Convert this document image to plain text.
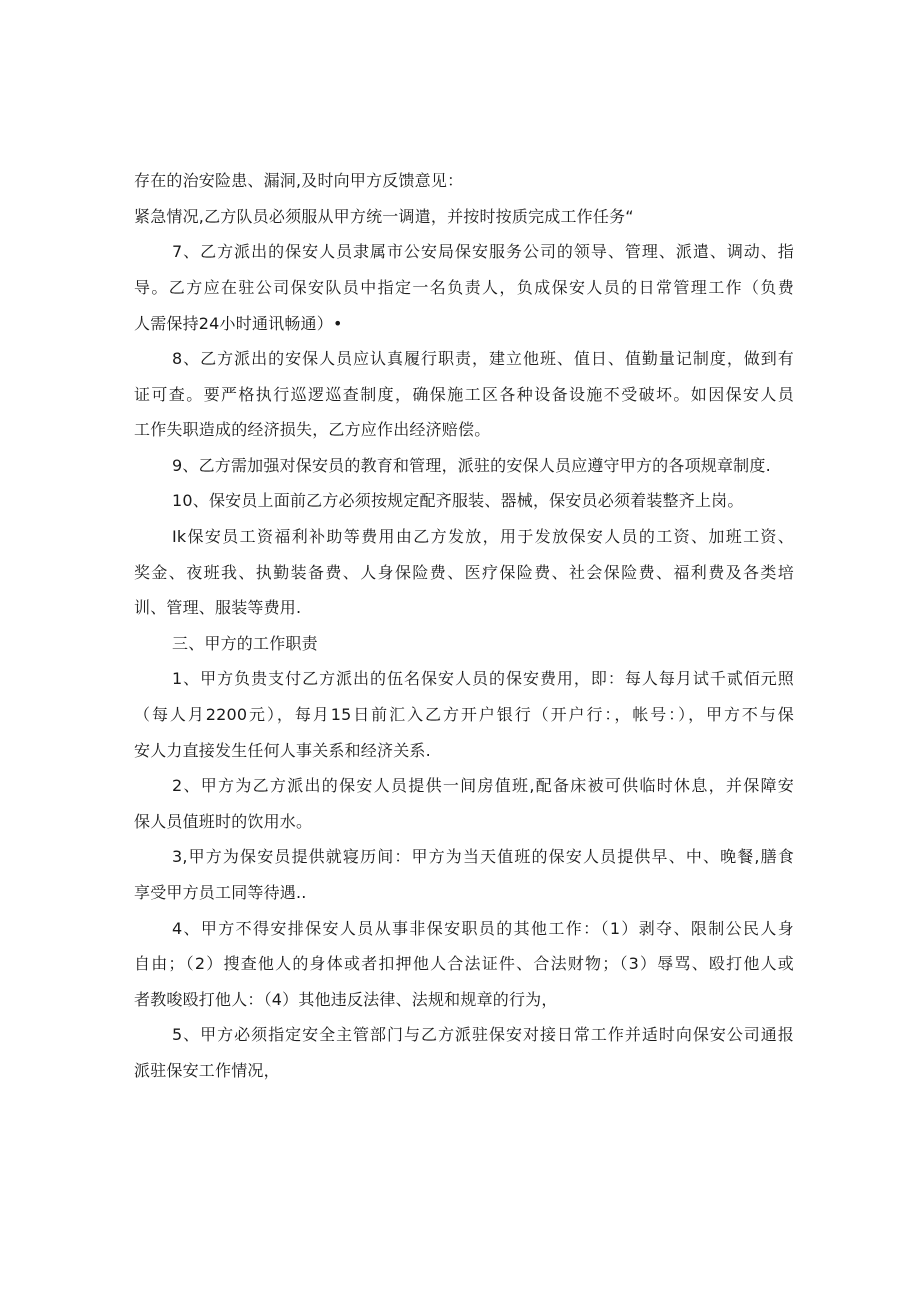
存在的治安险患、漏洞,及时向甲方反馈意见：
紧急情况,乙方队员必须服从甲方统一调遣，并按时按质完成工作任务“
7、乙方派出的保安人员隶属市公安局保安服务公司的领导、管理、派遣、调动、指
导。乙方应在驻公司保安队员中指定一名负责人，负成保安人员的日常管理工作（负费
人需保持24小时通讯畅通）•
8、乙方派出的安保人员应认真履行职责，建立他班、值日、值勤量记制度，做到有
证可查。要严格执行巡逻巡查制度，确保施工区各种设备设施不受破坏。如因保安人员
工作失职造成的经济损失，乙方应作出经济赔偿。
9、乙方需加强对保安员的教育和管理，派驻的安保人员应遵守甲方的各项规章制度.
10、保安员上面前乙方必须按规定配齐服装、器械，保安员必须着装整齐上岗。
Ik保安员工资福利补助等费用由乙方发放，用于发放保安人员的工资、加班工资、
奖金、夜班我、执勤装备费、人身保险费、医疗保险费、社会保险费、福利费及各类培
训、管理、服装等费用.
三、甲方的工作职责
1、甲方负贵支付乙方派出的伍名保安人员的保安费用，即：每人每月试千贰佰元照
（每人月2200元），每月15日前汇入乙方开户银行（开户行：，帐号：），甲方不与保
安人力直接发生任何人事关系和经济关系.
2、甲方为乙方派出的保安人员提供一间房值班,配备床被可供临时休息，并保障安
保人员值班时的饮用水。
3,甲方为保安员提供就寝历间：甲方为当天值班的保安人员提供早、中、晚餐,膳食
享受甲方员工同等待遇..
4、甲方不得安排保安人员从事非保安职员的其他工作：（1）剥夺、限制公民人身
自由；（2）搜查他人的身体或者扣押他人合法证件、合法财物；（3）辱骂、殴打他人或
者教唆殴打他人：（4）其他违反法律、法规和规章的行为，
5、甲方必须指定安全主管部门与乙方派驻保安对接日常工作并适时向保安公司通报
派驻保安工作情况，
